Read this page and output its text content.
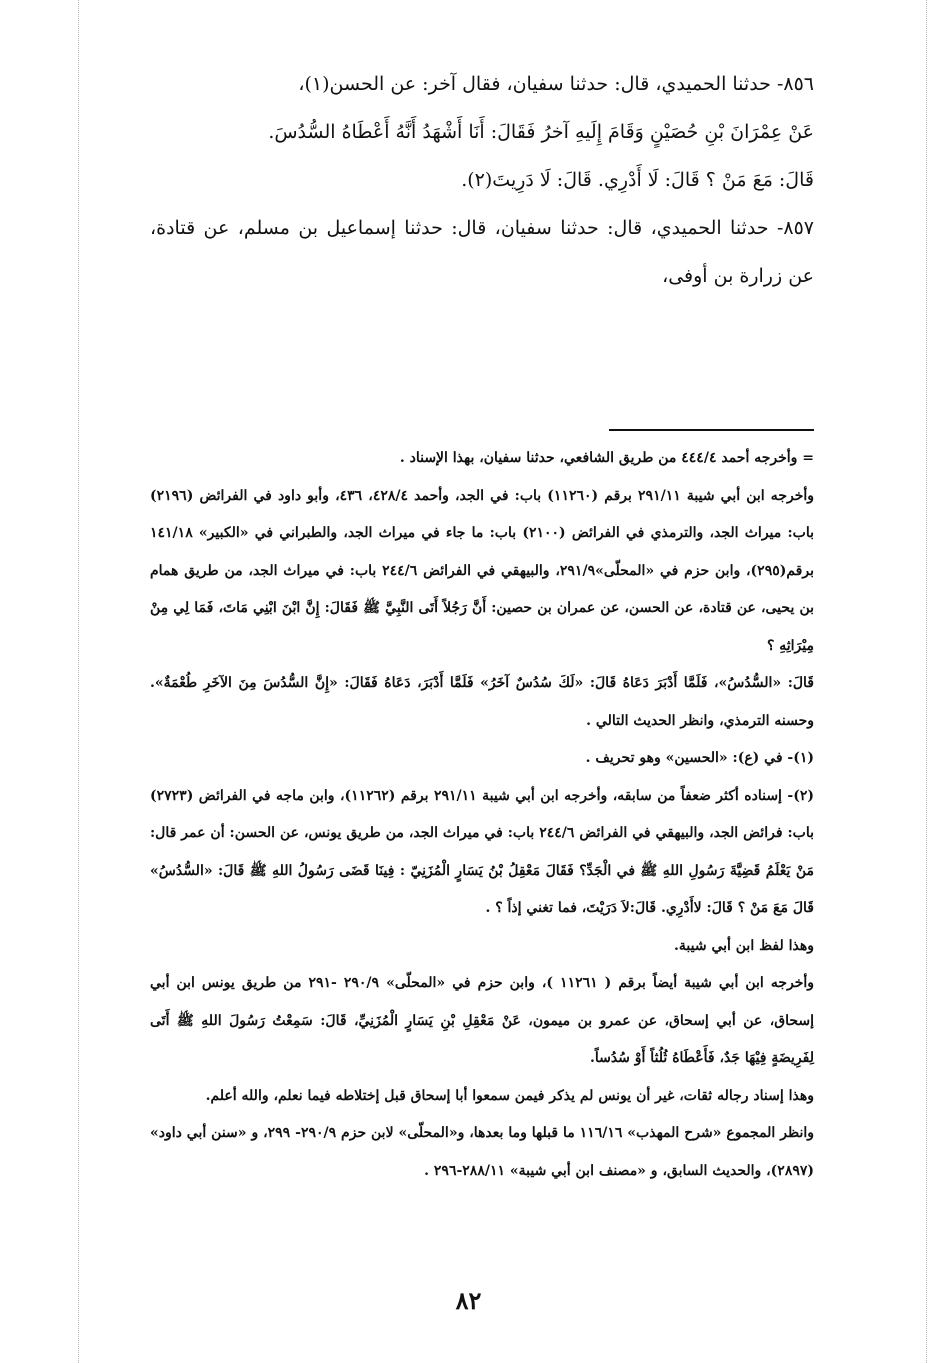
٨٥٦- حدثنا الحميدي، قال: حدثنا سفيان، فقال آخر: عن الحسن(١)،

عَنْ عِمْرَانَ بْنِ حُصَيْنٍ وَقَامَ إِلَيهِ آخرُ فَقَالَ: أَنَا أَشْهَدُ أَنَّهُ أَعْطَاهُ السُّدُسَ.

قَالَ: مَعَ مَنْ ؟ قَالَ: لَا أَدْرِي. قَالَ: لَا دَرِيتَ(٢).

٨٥٧- حدثنا الحميدي، قال: حدثنا سفيان، قال: حدثنا إسماعيل بن مسلم، عن قتادة، عن زرارة بن أوفى،

= وأخرجه أحمد ٤٤٤/٤ من طريق الشافعي، حدثنا سفيان، بهذا الإسناد .

وأخرجه ابن أبي شيبة ٢٩١/١١ برقم (١١٢٦٠) باب: في الجد، وأحمد ٤٢٨/٤، ٤٣٦، وأبو داود في الفرائض (٢١٩٦) باب: ميراث الجد، والترمذي في الفرائض (٢١٠٠) باب: ما جاء في ميراث الجد، والطبراني في «الكبير» ١٤١/١٨ برقم(٢٩٥)، وابن حزم في «المحلّى»٢٩١/٩، والبيهقي في الفرائض ٢٤٤/٦ باب: في ميراث الجد، من طريق همام بن يحيى، عن قتادة، عن الحسن، عن عمران بن حصين: أَنَّ رَجُلاً أَتَى النَّبِيَّ ﷺ فَقَالَ: إِنَّ ابْنَ ابْنِي مَاتَ، فَمَا لِي مِنْ مِيْرَاثِهِ ؟

قَالَ: «السُّدُسُ»، فَلَمَّا أَدْبَرَ دَعَاهُ قَالَ: «لَكَ سُدُسٌ آخَرُ» فَلَمَّا أَدْبَرَ، دَعَاهُ فَقَالَ: «إِنَّ السُّدُسَ مِنَ الآخَرِ طُعْمَةٌ». وحسنه الترمذي، وانظر الحديث التالي .

(١)- في (ع): «الحسين» وهو تحريف .

(٢)- إسناده أكثر ضعفاً من سابقه، وأخرجه ابن أبي شيبة ٢٩١/١١ برقم (١١٢٦٢)، وابن ماجه في الفرائض (٢٧٢٣) باب: فرائض الجد، والبيهقي في الفرائض ٢٤٤/٦ باب: في ميراث الجد، من طريق يونس، عن الحسن: أن عمر قال: مَنْ يَعْلَمُ قَضِيَّةَ رَسُولِ اللهِ ﷺ في الْجَدِّ؟ فَقَالَ مَعْقِلُ بْنُ يَسَارٍ الْمُزَنِيّ : فِينَا قَضَى رَسُولُ اللهِ ﷺ قَالَ: «السُّدُسُ» قَالَ مَعَ مَنْ ؟ قَالَ: لاأَدْرِي. قَالَ:لاَ دَرَيْتَ، فما تغني إذاً ؟ .

وهذا لفظ ابن أبي شيبة.

وأخرجه ابن أبي شيبة أيضاً برقم ( ١١٢٦١ )، وابن حزم في «المحلّى» ٢٩٠/٩ -٢٩١ من طريق يونس ابن أبي إسحاق، عن أبي إسحاق، عن عمرو بن ميمون، عَنْ مَعْقِلِ بْنِ يَسَارٍ الْمُزَنِيِّ، قَالَ: سَمِعْتُ رَسُولَ اللهِ ﷺ أَتَى لِفَرِيضَةٍ فِيْهَا جَدٌ، فَأَعْطَاهُ ثُلُثاً أَوْ سُدُساً.

وهذا إسناد رجاله ثقات، غير أن يونس لم يذكر فيمن سمعوا أبا إسحاق قبل إختلاطه فيما نعلم، والله أعلم.

وانظر المجموع «شرح المهذب» ١١٦/١٦ ما قبلها وما بعدها، و«المحلّى» لابن حزم ٢٩٠/٩- ٢٩٩، و «سنن أبي داود» (٢٨٩٧)، والحديث السابق، و «مصنف ابن أبي شيبة» ٢٨٨/١١-٢٩٦ .

٨٢
